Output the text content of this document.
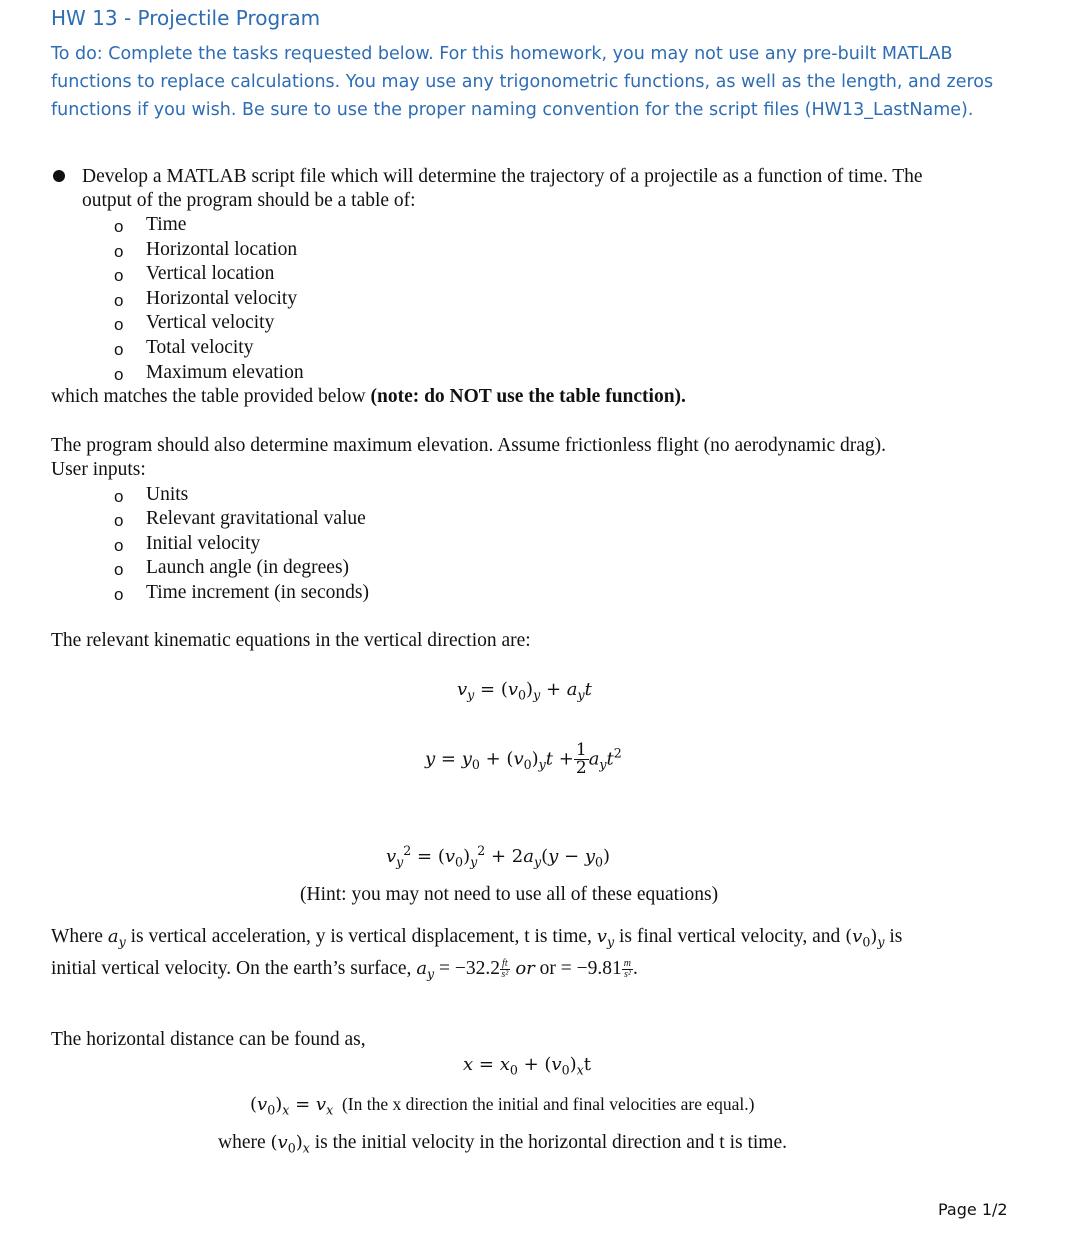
HW 13 - Projectile Program
To do: Complete the tasks requested below. For this homework, you may not use any pre-built MATLAB
functions to replace calculations. You may use any trigonometric functions, as well as the length, and zeros
functions if you wish. Be sure to use the proper naming convention for the script files (HW13_LastName).
Develop a MATLAB script file which will determine the trajectory of a projectile as a function of time. The
output of the program should be a table of:
o Time
o Horizontal location
o Vertical location
o Horizontal velocity
o Vertical velocity
o Total velocity
o Maximum elevation
which matches the table provided below (note: do NOT use the table function).
The program should also determine maximum elevation. Assume frictionless flight (no aerodynamic drag).
User inputs:
o Units
o Relevant gravitational value
o Initial velocity
o Launch angle (in degrees)
o Time increment (in seconds)
The relevant kinematic equations in the vertical direction are:
$v_y = (v_0)_y + a_yt$
$y = y_0 + (v_0)_yt + \frac{1}{2} a_yt^2$
$v_y^2 = (v_0)_y^2 + 2a_y(y - y_0)$
(Hint: you may not need to use all of these equations)
Where $a_y$ is vertical acceleration, y is vertical displacement, t is time, $v_y$ is final vertical velocity, and $(v_0)_y$ is
initial vertical velocity. On the earth’s surface, $a_y = -32.2 \frac{ft}{\text{s²}}$ or or = $-9.81 \frac{m}{\text{s²}}$ .
The horizontal distance can be found as,
$x = x_0 + (v_0)_xt$
$(v_0)_x = v_x$ (In the x direction the initial and final velocities are equal.)
where $(v_0)_x$ is the initial velocity in the horizontal direction and t is time.
Page 1/2
